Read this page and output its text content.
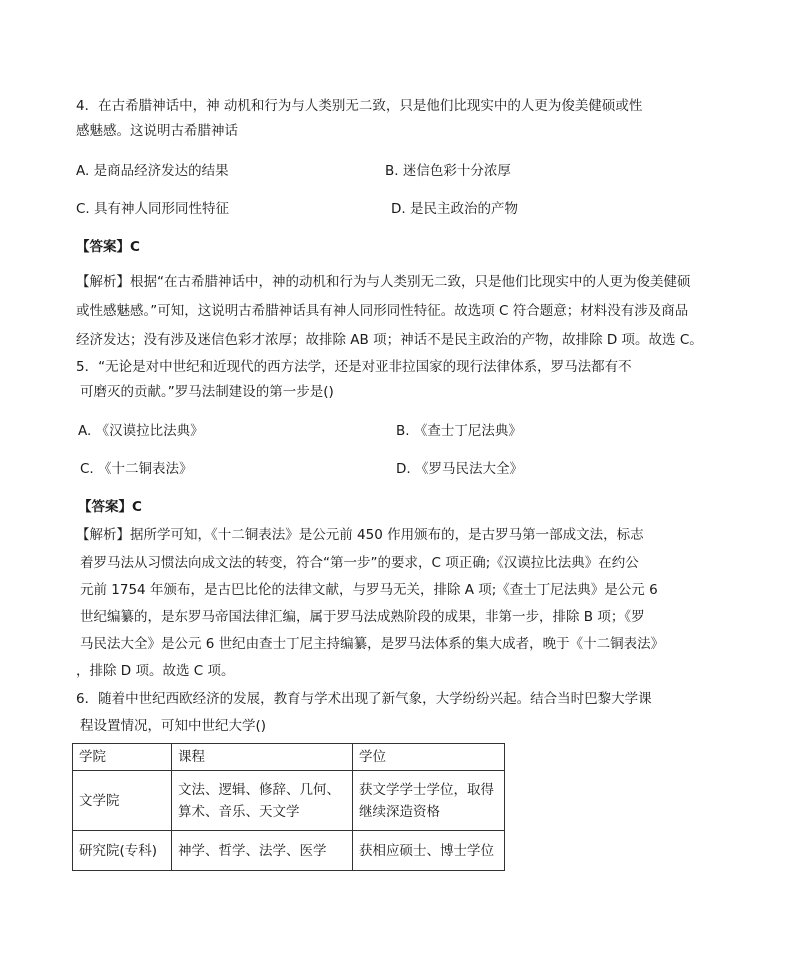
4．在古希腊神话中，神 动机和行为与人类别无二致，只是他们比现实中的人更为俊美健硕或性
感魅感。这说明古希腊神话
A. 是商品经济发达的结果	B. 迷信色彩十分浓厚
C. 具有神人同形同性特征	D. 是民主政治的产物
【答案】C
【解析】根据“在古希腊神话中，神的动机和行为与人类别无二致，只是他们比现实中的人更为俊美健硕
或性感魅感。”可知，这说明古希腊神话具有神人同形同性特征。故选项 C 符合题意；材料没有涉及商品
经济发达；没有涉及迷信色彩才浓厚；故排除 AB 项；神话不是民主政治的产物，故排除 D 项。故选 C。
5．“无论是对中世纪和近现代的西方法学，还是对亚非拉国家的现行法律体系，罗马法都有不
可磨灭的贡献。”罗马法制建设的第一步是()
A. 《汉谟拉比法典》	B. 《查士丁尼法典》
C. 《十二铜表法》	D. 《罗马民法大全》
【答案】C
【解析】据所学可知，《十二铜表法》是公元前 450 作用颁布的，是古罗马第一部成文法，标志
着罗马法从习惯法向成文法的转变，符合“第一步”的要求，C 项正确;《汉谟拉比法典》在约公
元前 1754 年颁布，是古巴比伦的法律文献，与罗马无关，排除 A 项;《查士丁尼法典》是公元 6
世纪编纂的，是东罗马帝国法律汇编，属于罗马法成熟阶段的成果，非第一步，排除 B 项；《罗
马民法大全》是公元 6 世纪由查士丁尼主持编纂，是罗马法体系的集大成者，晚于《十二铜表法》
，排除 D 项。故选 C 项。
6．随着中世纪西欧经济的发展，教育与学术出现了新气象，大学纷纷兴起。结合当时巴黎大学课
程设置情况，可知中世纪大学()
学院	课程	学位
文学院	文法、逻辑、修辞、几何、算术、音乐、天文学	获文学学士学位，取得继续深造资格
研究院(专科)	神学、哲学、法学、医学	获相应硕士、博士学位
